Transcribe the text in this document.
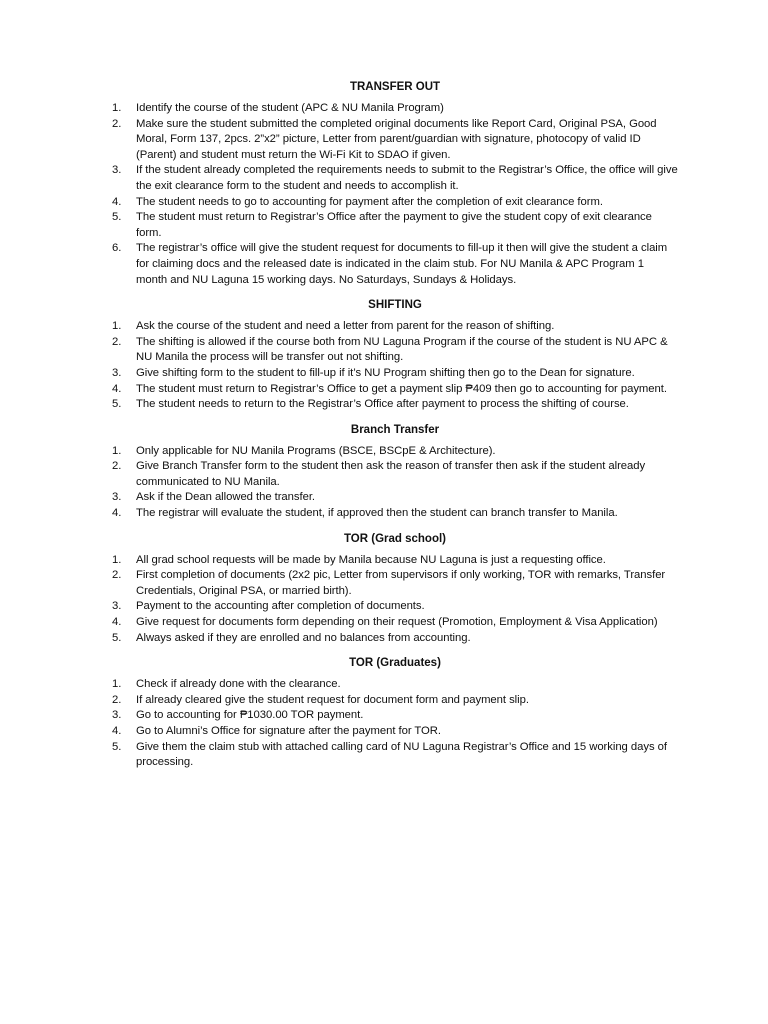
TRANSFER OUT
1.	Identify the course of the student (APC & NU Manila Program)
2.	Make sure the student submitted the completed original documents like Report Card, Original PSA, Good Moral, Form 137, 2pcs. 2”x2” picture, Letter from parent/guardian with signature, photocopy of valid ID (Parent) and student must return the Wi-Fi Kit to SDAO if given.
3.	If the student already completed the requirements needs to submit to the Registrar’s Office, the office will give the exit clearance form to the student and needs to accomplish it.
4.	The student needs to go to accounting for payment after the completion of exit clearance form.
5.	The student must return to Registrar’s Office after the payment to give the student copy of exit clearance form.
6.	The registrar’s office will give the student request for documents to fill-up it then will give the student a claim for claiming docs and the released date is indicated in the claim stub. For NU Manila & APC Program 1 month and NU Laguna 15 working days. No Saturdays, Sundays & Holidays.
SHIFTING
1.	Ask the course of the student and need a letter from parent for the reason of shifting.
2.	The shifting is allowed if the course both from NU Laguna Program if the course of the student is NU APC & NU Manila the process will be transfer out not shifting.
3.	Give shifting form to the student to fill-up if it’s NU Program shifting then go to the Dean for signature.
4.	The student must return to Registrar’s Office to get a payment slip ₱409 then go to accounting for payment.
5.	The student needs to return to the Registrar’s Office after payment to process the shifting of course.
Branch Transfer
1.	Only applicable for NU Manila Programs (BSCE, BSCpE & Architecture).
2.	Give Branch Transfer form to the student then ask the reason of transfer then ask if the student already communicated to NU Manila.
3.	Ask if the Dean allowed the transfer.
4.	The registrar will evaluate the student, if approved then the student can branch transfer to Manila.
TOR (Grad school)
1.	All grad school requests will be made by Manila because NU Laguna is just a requesting office.
2.	First completion of documents (2x2 pic, Letter from supervisors if only working, TOR with remarks, Transfer Credentials, Original PSA, or married birth).
3.	Payment to the accounting after completion of documents.
4.	Give request for documents form depending on their request (Promotion, Employment & Visa Application)
5.	Always asked if they are enrolled and no balances from accounting.
TOR (Graduates)
1.	Check if already done with the clearance.
2.	If already cleared give the student request for document form and payment slip.
3.	Go to accounting for ₱1030.00 TOR payment.
4.	Go to Alumni’s Office for signature after the payment for TOR.
5.	Give them the claim stub with attached calling card of NU Laguna Registrar’s Office and 15 working days of processing.
